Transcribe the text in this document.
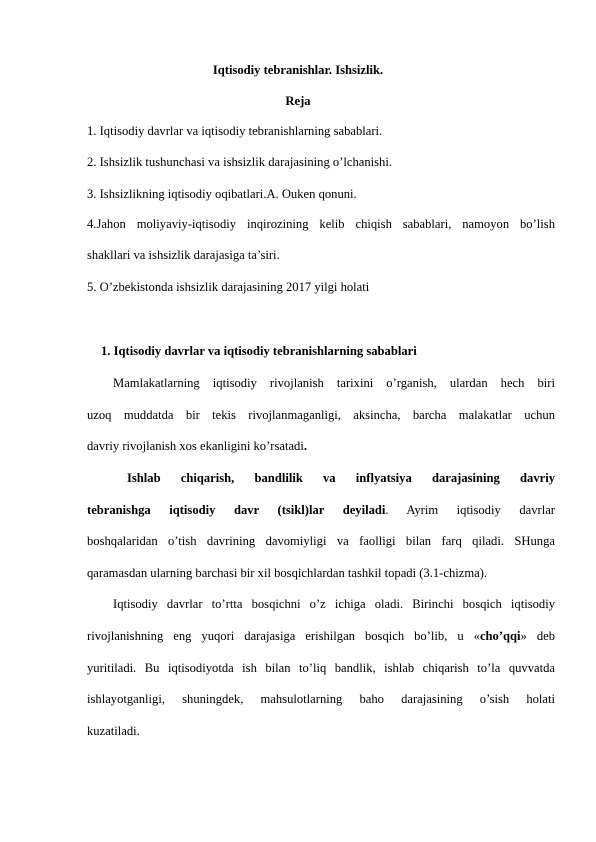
Iqtisodiy tebranishlar. Ishsizlik.
Reja
1. Iqtisodiy davrlar va iqtisodiy tebranishlarning sabablari.
2. Ishsizlik tushunchasi va ishsizlik darajasining o’lchanishi.
3. Ishsizlikning iqtisodiy oqibatlari.A. Ouken qonuni.
4.Jahon moliyaviy-iqtisodiy inqirozining kelib chiqish sabablari, namoyon bo’lish
shakllari va ishsizlik darajasiga ta’siri.
5. O’zbekistonda ishsizlik darajasining 2017 yilgi holati
1. Iqtisodiy davrlar va iqtisodiy tebranishlarning sabablari
Mamlakatlarning iqtisodiy rivojlanish tarixini o’rganish, ulardan hech biri
uzoq muddatda bir tekis rivojlanmaganligi, aksincha, barcha malakatlar uchun
davriy rivojlanish xos ekanligini ko’rsatadi.
Ishlab chiqarish, bandlilik va inflyatsiya darajasining davriy
tebranishga iqtisodiy davr (tsikl)lar deyiladi. Ayrim iqtisodiy davrlar
boshqalaridan o’tish davrining davomiyligi va faolligi bilan farq qiladi. SHunga
qaramasdan ularning barchasi bir xil bosqichlardan tashkil topadi (3.1-chizma).
Iqtisodiy davrlar to’rtta bosqichni o’z ichiga oladi. Birinchi bosqich iqtisodiy
rivojlanishning eng yuqori darajasiga erishilgan bosqich bo’lib, u «cho’qqi» deb
yuritiladi. Bu iqtisodiyotda ish bilan to’liq bandlik, ishlab chiqarish to’la quvvatda
ishlayotganligi, shuningdek, mahsulotlarning baho darajasining o’sish holati
kuzatiladi.
